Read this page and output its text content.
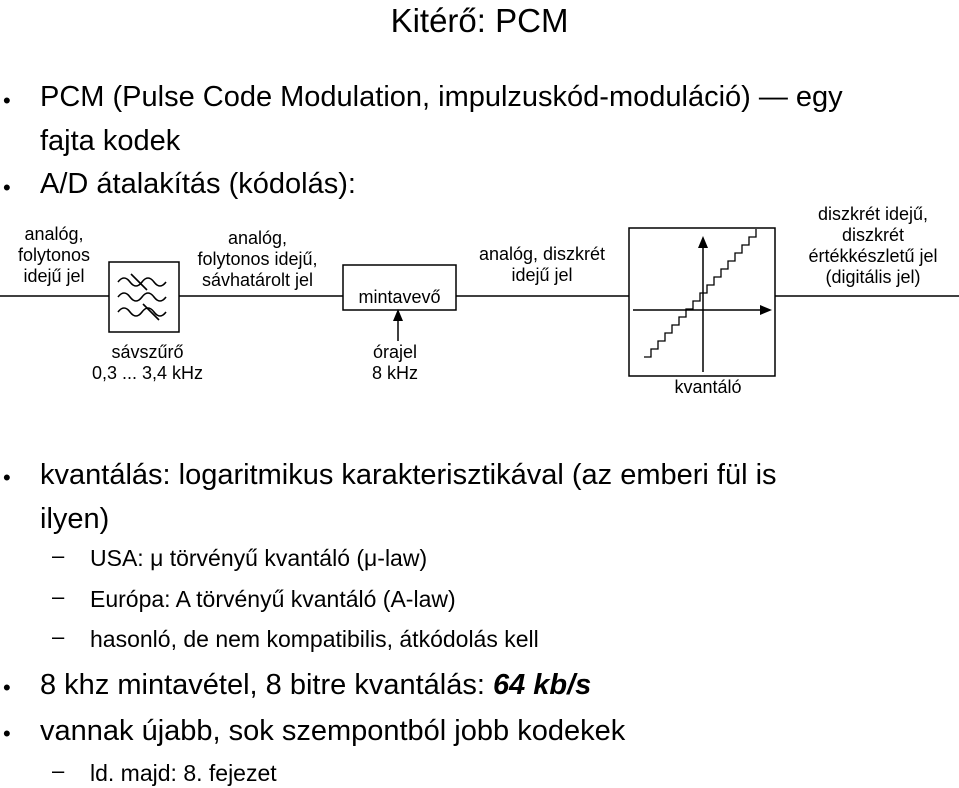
Kitérő: PCM
• PCM (Pulse Code Modulation, impulzuskód-moduláció) — egy
fajta kodek
• A/D átalakítás (kódolás):
analóg,
folytonos
idejű jel
analóg,
folytonos idejű,
sávhatárolt jel
analóg, diszkrét
idejű jel
diszkrét idejű,
diszkrét
értékkészletű jel
(digitális jel)
sávszűrő
0,3 ... 3,4 kHz
órajel
8 kHz
mintavevő
kvantáló
• kvantálás: logaritmikus karakterisztikával (az emberi fül is
ilyen)
– USA: μ törvényű kvantáló (μ-law)
– Európa: A törvényű kvantáló (A-law)
– hasonló, de nem kompatibilis, átkódolás kell
• 8 khz mintavétel, 8 bitre kvantálás: 64 kb/s
• vannak újabb, sok szempontból jobb kodekek
– ld. majd: 8. fejezet
